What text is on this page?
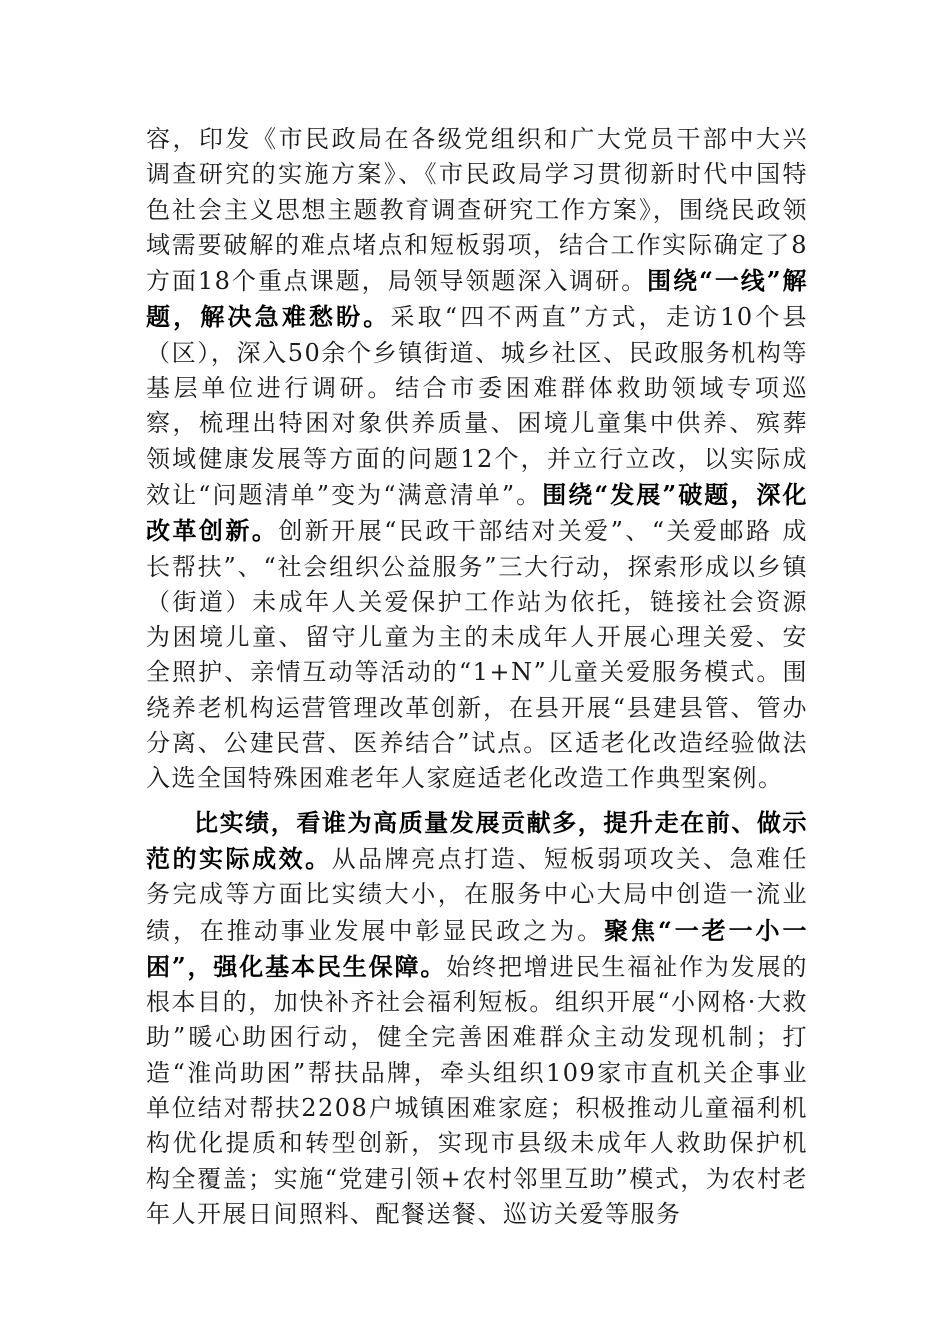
容，印发《市民政局在各级党组织和广大党员干部中大兴调查研究的实施方案》、《市民政局学习贯彻新时代中国特色社会主义思想主题教育调查研究工作方案》，围绕民政领域需要破解的难点堵点和短板弱项，结合工作实际确定了8方面18个重点课题，局领导领题深入调研。围绕“一线”解题，解决急难愁盼。采取“四不两直”方式，走访10个县（区），深入50余个乡镇街道、城乡社区、民政服务机构等基层单位进行调研。结合市委困难群体救助领域专项巡察，梳理出特困对象供养质量、困境儿童集中供养、殡葬领域健康发展等方面的问题12个，并立行立改，以实际成效让“问题清单”变为“满意清单”。围绕“发展”破题，深化改革创新。创新开展“民政干部结对关爱”、“关爱邮路 成长帮扶”、“社会组织公益服务”三大行动，探索形成以乡镇（街道）未成年人关爱保护工作站为依托，链接社会资源为困境儿童、留守儿童为主的未成年人开展心理关爱、安全照护、亲情互动等活动的“1+N”儿童关爱服务模式。围绕养老机构运营管理改革创新，在县开展“县建县管、管办分离、公建民营、医养结合”试点。区适老化改造经验做法入选全国特殊困难老年人家庭适老化改造工作典型案例。

比实绩，看谁为高质量发展贡献多，提升走在前、做示范的实际成效。从品牌亮点打造、短板弱项攻关、急难任务完成等方面比实绩大小，在服务中心大局中创造一流业绩，在推动事业发展中彰显民政之为。聚焦“一老一小一困”，强化基本民生保障。始终把增进民生福祉作为发展的根本目的，加快补齐社会福利短板。组织开展“小网格·大救助”暖心助困行动，健全完善困难群众主动发现机制；打造“淮尚助困”帮扶品牌，牵头组织109家市直机关企事业单位结对帮扶2208户城镇困难家庭；积极推动儿童福利机构优化提质和转型创新，实现市县级未成年人救助保护机构全覆盖；实施“党建引领+农村邻里互助”模式，为农村老年人开展日间照料、配餐送餐、巡访关爱等服务
